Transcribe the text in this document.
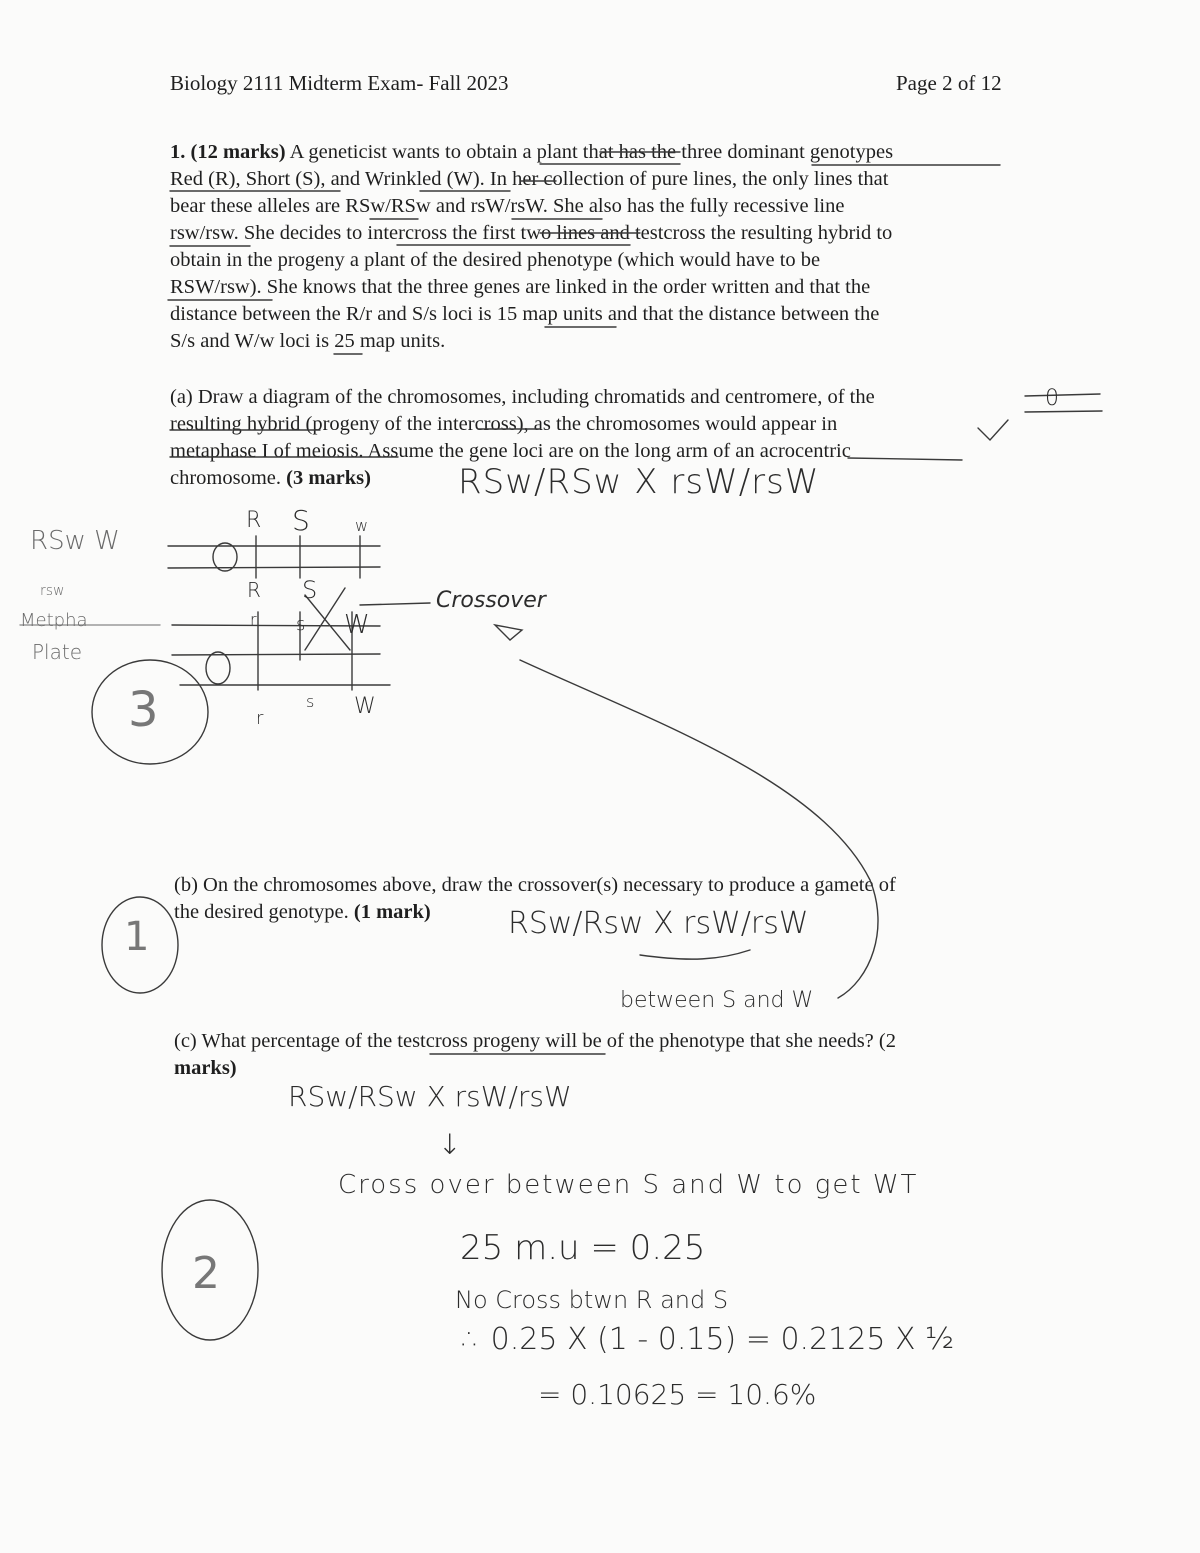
Biology 2111 Midterm Exam- Fall 2023	Page 2 of 12
1. (12 marks) A geneticist wants to obtain a plant that has the three dominant genotypes
Red (R), Short (S), and Wrinkled (W). In her collection of pure lines, the only lines that
bear these alleles are RSw/RSw and rsW/rsW. She also has the fully recessive line
rsw/rsw. She decides to intercross the first two lines and testcross the resulting hybrid to
obtain in the progeny a plant of the desired phenotype (which would have to be
RSW/rsw). She knows that the three genes are linked in the order written and that the
distance between the R/r and S/s loci is 15 map units and that the distance between the
S/s and W/w loci is 25 map units.
(a) Draw a diagram of the chromosomes, including chromatids and centromere, of the
resulting hybrid (progeny of the intercross), as the chromosomes would appear in
metaphase I of meiosis. Assume the gene loci are on the long arm of an acrocentric
chromosome. (3 marks)
(b) On the chromosomes above, draw the crossover(s) necessary to produce a gamete of
the desired genotype. (1 mark)
(c) What percentage of the testcross progeny will be of the phenotype that she needs? (2
marks)
RSw/RSw X rsW/rsW
RSw W
rsw
Metpha
Plate
R S	w
R S
r s W
r
s W
Crossover
0
RSw/Rsw X rsW/rsW
between S and W
RSw/RSw X rsW/rsW
↓
Cross over between S and W to get WT
25 m.u = 0.25
No Cross btwn R and S
∴ 0.25 X (1 - 0.15) = 0.2125 X ½
= 0.10625 = 10.6%
3
1
2
